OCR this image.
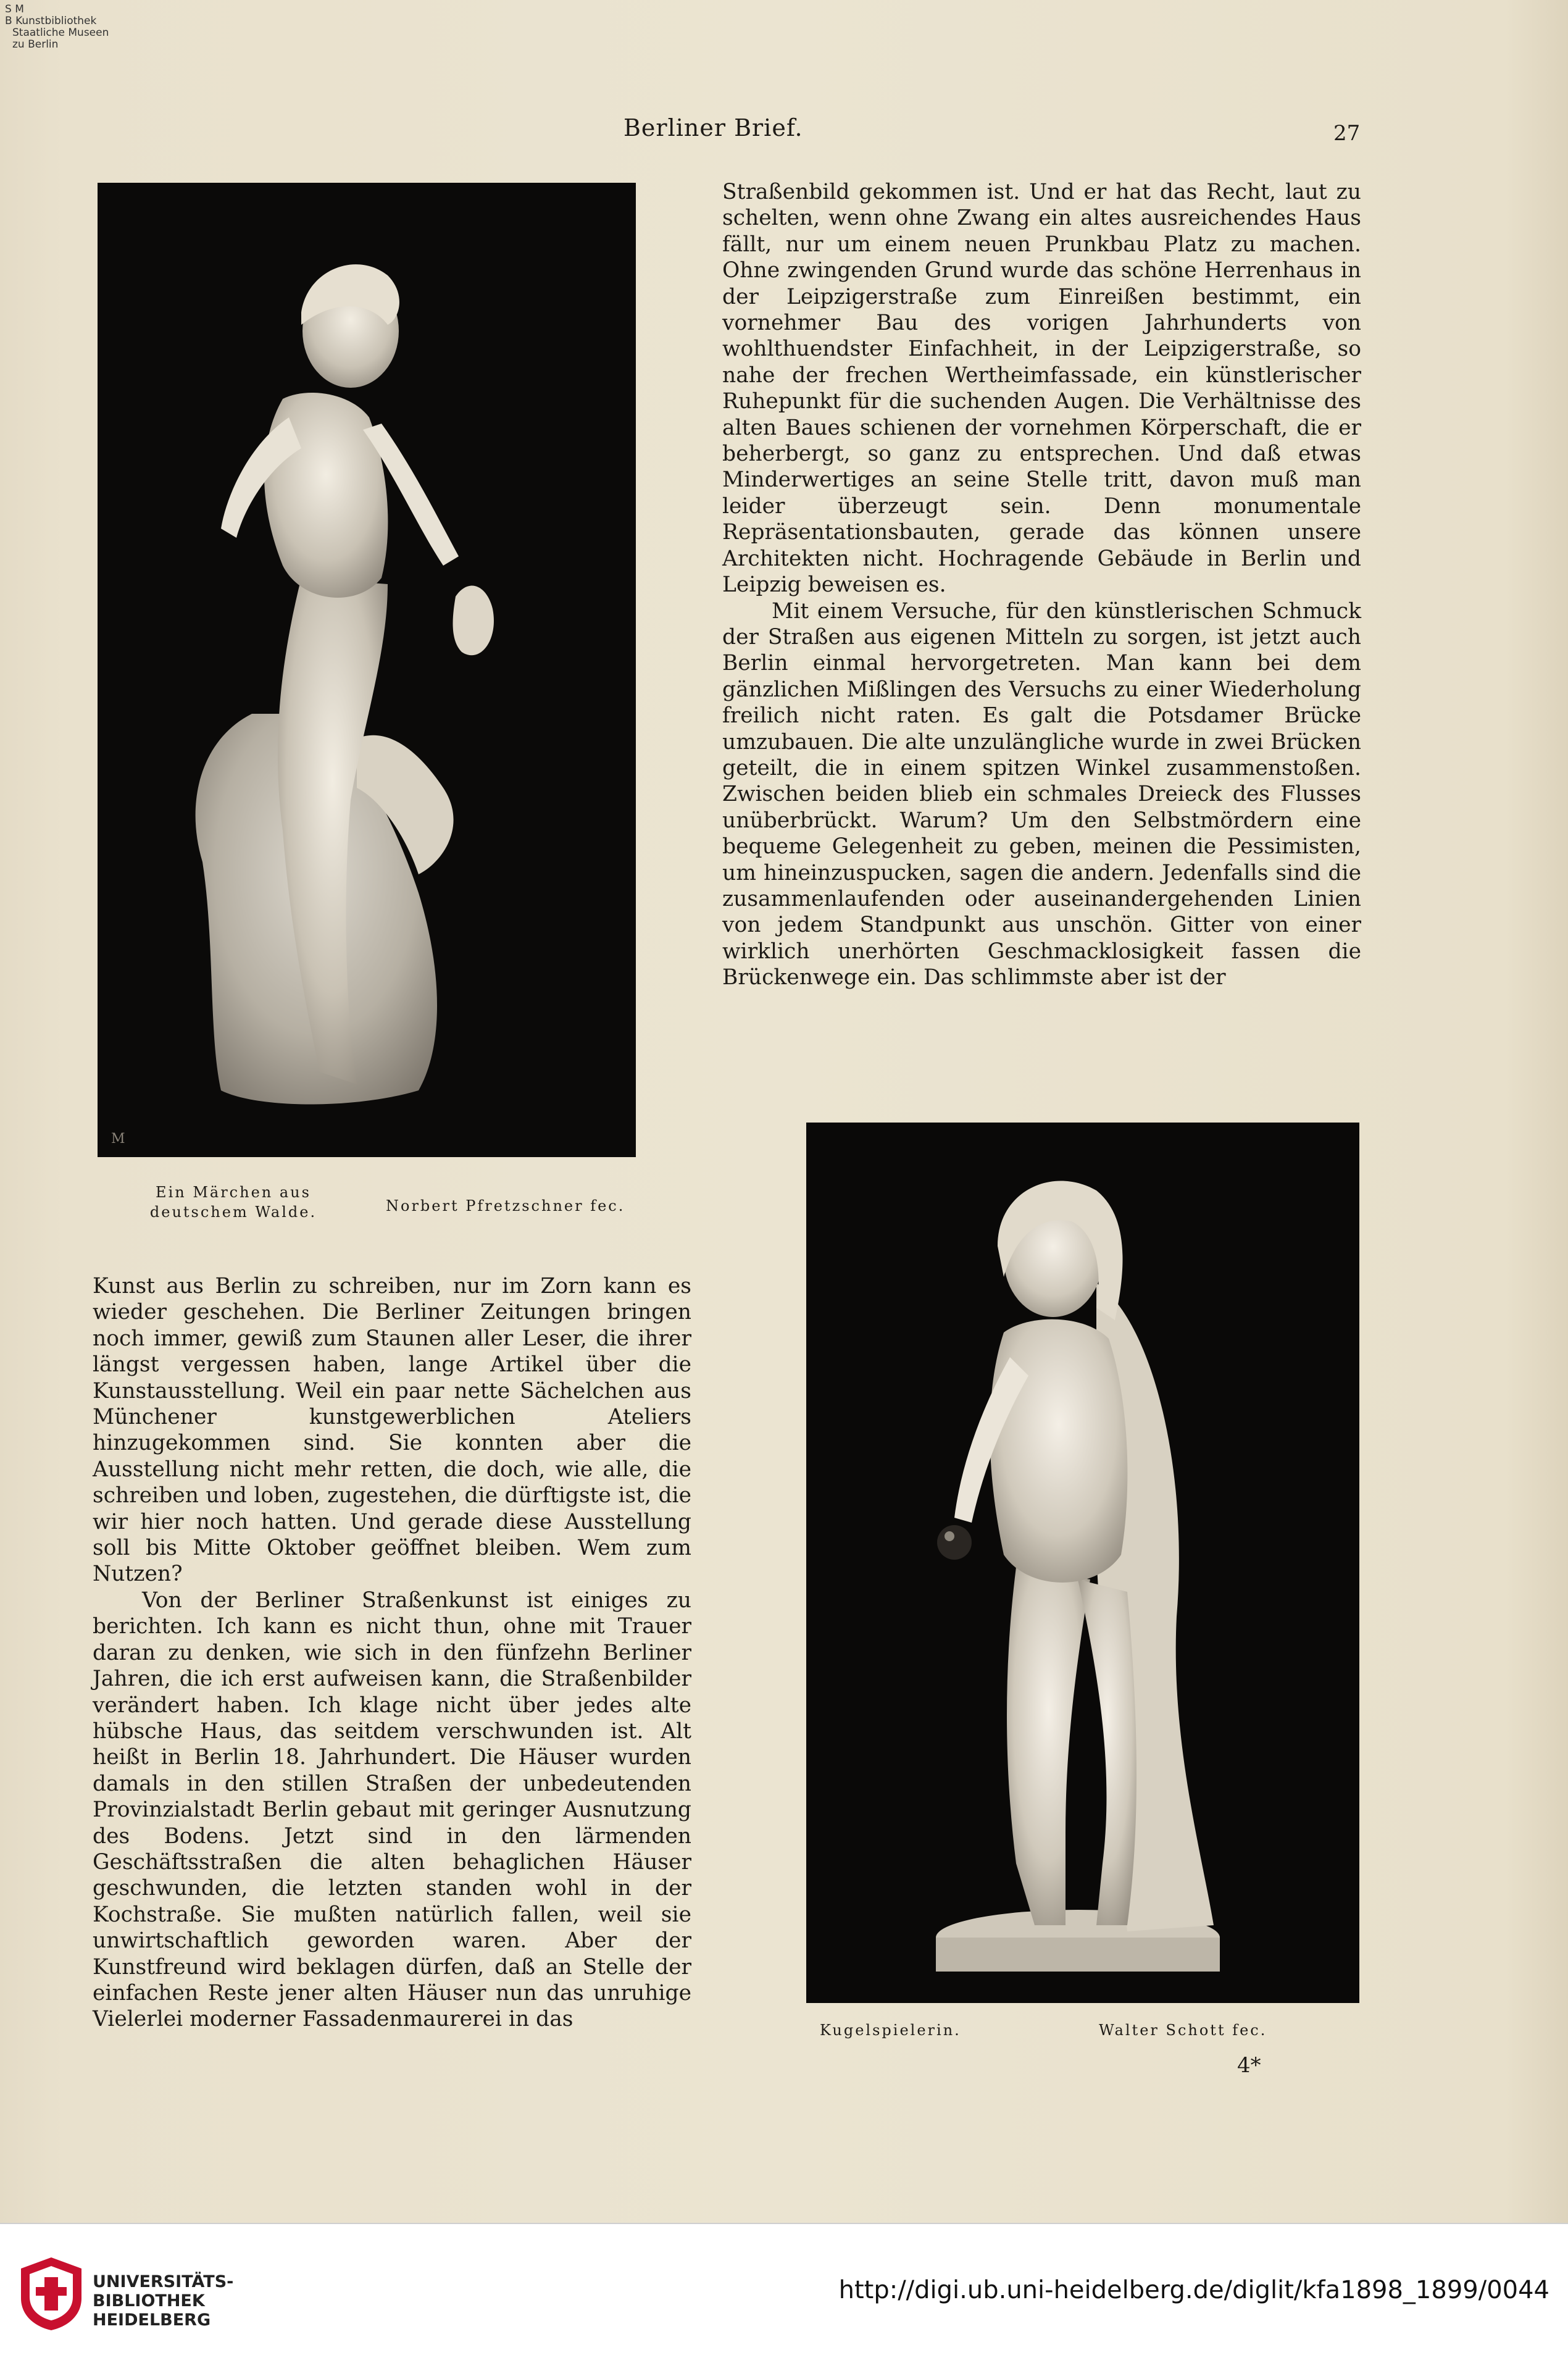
S M
B Kunstbibliothek
Staatliche Museen
zu Berlin
Berliner Brief.	27
M
Ein Märchen aus
deutschem Walde.	Norbert Pfretzschner fec.

Straßenbild gekommen ist. Und er hat das Recht, laut zu schelten, wenn ohne Zwang ein altes ausreichendes Haus fällt, nur um einem neuen Prunkbau Platz zu machen. Ohne zwingenden Grund wurde das schöne Herrenhaus in der Leipzigerstraße zum Einreißen bestimmt, ein vornehmer Bau des vorigen Jahrhunderts von wohlthuendster Einfachheit, in der Leipzigerstraße, so nahe der frechen Wertheimfassade, ein künstlerischer Ruhepunkt für die suchenden Augen. Die Verhältnisse des alten Baues schienen der vornehmen Körperschaft, die er beherbergt, so ganz zu entsprechen. Und daß etwas Minderwertiges an seine Stelle tritt, davon muß man leider überzeugt sein. Denn monumentale Repräsentationsbauten, gerade das können unsere Architekten nicht. Hochragende Gebäude in Berlin und Leipzig beweisen es.

Mit einem Versuche, für den künstlerischen Schmuck der Straßen aus eigenen Mitteln zu sorgen, ist jetzt auch Berlin einmal hervorgetreten. Man kann bei dem gänzlichen Mißlingen des Versuchs zu einer Wiederholung freilich nicht raten. Es galt die Potsdamer Brücke umzubauen. Die alte unzulängliche wurde in zwei Brücken geteilt, die in einem spitzen Winkel zusammenstoßen. Zwischen beiden blieb ein schmales Dreieck des Flusses unüberbrückt. Warum? Um den Selbstmördern eine bequeme Gelegenheit zu geben, meinen die Pessimisten, um hineinzuspucken, sagen die andern. Jedenfalls sind die zusammenlaufenden oder auseinandergehenden Linien von jedem Standpunkt aus unschön. Gitter von einer wirklich unerhörten Geschmacklosigkeit fassen die Brückenwege ein. Das schlimmste aber ist der

Kugelspielerin.	Walter Schott fec.

Kunst aus Berlin zu schreiben, nur im Zorn kann es wieder geschehen. Die Berliner Zeitungen bringen noch immer, gewiß zum Staunen aller Leser, die ihrer längst vergessen haben, lange Artikel über die Kunstausstellung. Weil ein paar nette Sächelchen aus Münchener kunstgewerblichen Ateliers hinzugekommen sind. Sie konnten aber die Ausstellung nicht mehr retten, die doch, wie alle, die schreiben und loben, zugestehen, die dürftigste ist, die wir hier noch hatten. Und gerade diese Ausstellung soll bis Mitte Oktober geöffnet bleiben. Wem zum Nutzen?

Von der Berliner Straßenkunst ist einiges zu berichten. Ich kann es nicht thun, ohne mit Trauer daran zu denken, wie sich in den fünfzehn Berliner Jahren, die ich erst aufweisen kann, die Straßenbilder verändert haben. Ich klage nicht über jedes alte hübsche Haus, das seitdem verschwunden ist. Alt heißt in Berlin 18. Jahrhundert. Die Häuser wurden damals in den stillen Straßen der unbedeutenden Provinzialstadt Berlin gebaut mit geringer Ausnutzung des Bodens. Jetzt sind in den lärmenden Geschäftsstraßen die alten behaglichen Häuser geschwunden, die letzten standen wohl in der Kochstraße. Sie mußten natürlich fallen, weil sie unwirtschaftlich geworden waren. Aber der Kunstfreund wird beklagen dürfen, daß an Stelle der einfachen Reste jener alten Häuser nun das unruhige Vielerlei moderner Fassadenmaurerei in das

4*
UNIVERSITÄTS-
BIBLIOTHEK
HEIDELBERG
http://digi.ub.uni-heidelberg.de/diglit/kfa1898_1899/0044
